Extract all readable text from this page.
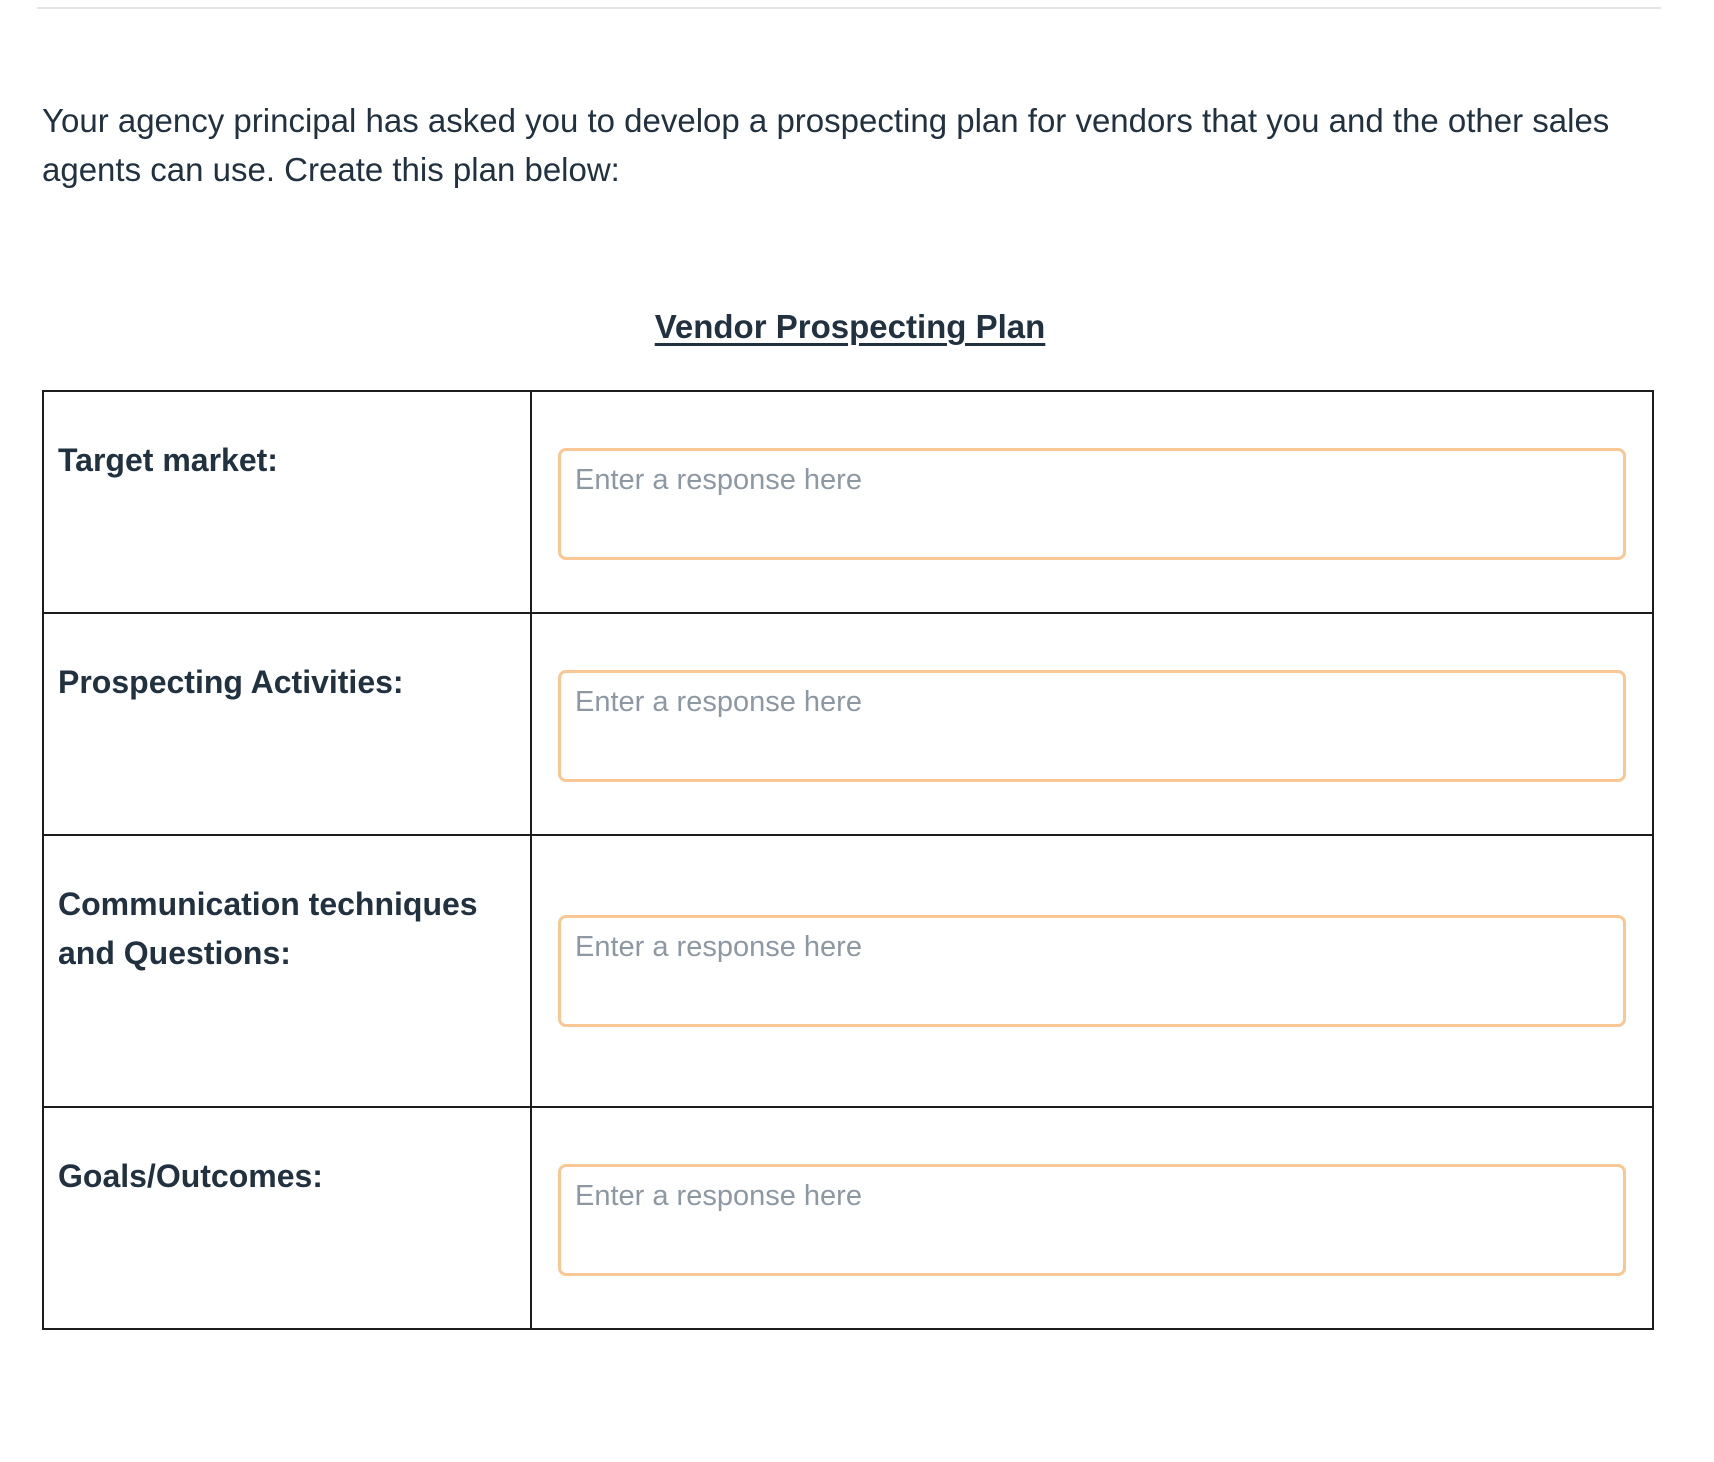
Your agency principal has asked you to develop a prospecting plan for vendors that you and the other sales agents can use. Create this plan below:

Vendor Prospecting Plan
Target market:

Enter a response here

Prospecting Activities:

Enter a response here

Communication techniques and Questions:

Enter a response here

Goals/Outcomes:

Enter a response here
